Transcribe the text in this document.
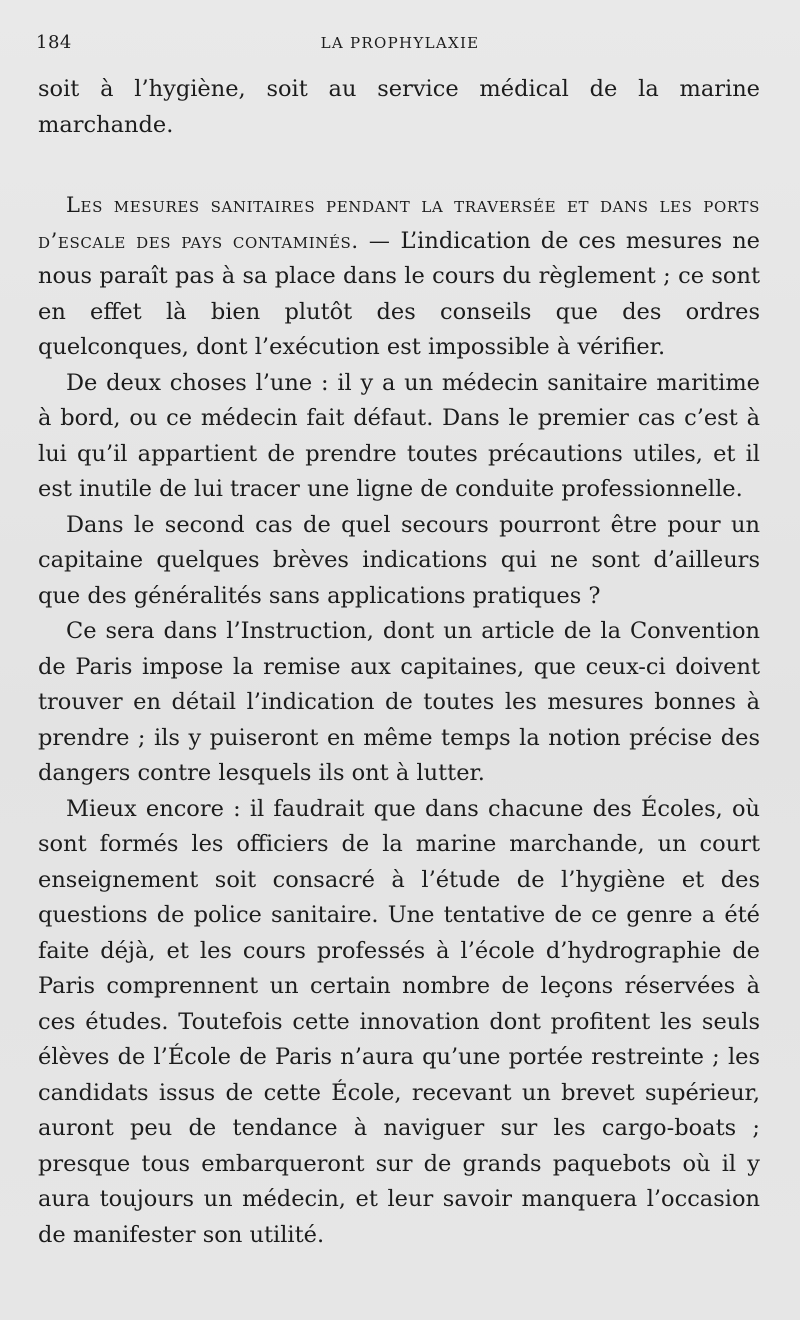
184	LA PROPHYLAXIE

soit à l’hygiène, soit au service médical de la marine marchande.

Les mesures sanitaires pendant la traversée et dans les ports d’escale des pays contaminés. — L’indication de ces mesures ne nous paraît pas à sa place dans le cours du règlement ; ce sont en effet là bien plutôt des conseils que des ordres quelconques, dont l’exécution est impossible à vérifier.

De deux choses l’une : il y a un médecin sanitaire maritime à bord, ou ce médecin fait défaut. Dans le premier cas c’est à lui qu’il appartient de prendre toutes précautions utiles, et il est inutile de lui tracer une ligne de conduite professionnelle.

Dans le second cas de quel secours pourront être pour un capitaine quelques brèves indications qui ne sont d’ailleurs que des généralités sans applications pratiques ?

Ce sera dans l’Instruction, dont un article de la Convention de Paris impose la remise aux capitaines, que ceux-ci doivent trouver en détail l’indication de toutes les mesures bonnes à prendre ; ils y puiseront en même temps la notion précise des dangers contre lesquels ils ont à lutter.

Mieux encore : il faudrait que dans chacune des Écoles, où sont formés les officiers de la marine marchande, un court enseignement soit consacré à l’étude de l’hygiène et des questions de police sanitaire. Une tentative de ce genre a été faite déjà, et les cours professés à l’école d’hydrographie de Paris comprennent un certain nombre de leçons réservées à ces études. Toutefois cette innovation dont profitent les seuls élèves de l’École de Paris n’aura qu’une portée restreinte ; les candidats issus de cette École, recevant un brevet supérieur, auront peu de tendance à naviguer sur les cargo-boats ; presque tous embarqueront sur de grands paquebots où il y aura toujours un médecin, et leur savoir manquera l’occasion de manifester son utilité.
